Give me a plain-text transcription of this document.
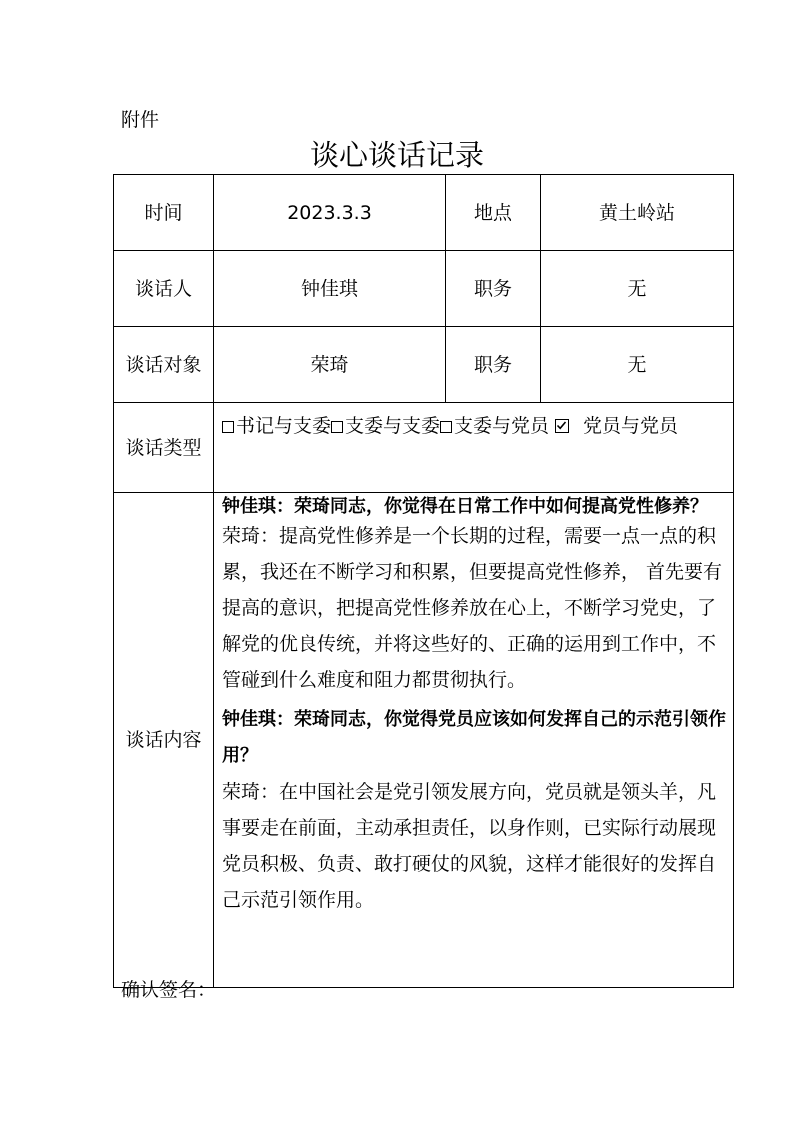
附件
谈心谈话记录
时间	2023.3.3	地点	黄土岭站
谈话人	钟佳琪	职务	无
谈话对象	荣琦	职务	无
谈话类型	书记与支委 支委与支委 支委与党员 党员与党员		
谈话内容	钟佳琪：荣琦同志，你觉得在日常工作中如何提高党性修养？
荣琦：提高党性修养是一个长期的过程，需要一点一点的积累，我还在不断学习和积累，但要提高党性修养， 首先要有提高的意识，把提高党性修养放在心上，不断学习党史，了解党的优良传统，并将这些好的、正确的运用到工作中，不管碰到什么难度和阻力都贯彻执行。
钟佳琪：荣琦同志，你觉得党员应该如何发挥自己的示范引领作用？
荣琦：在中国社会是党引领发展方向，党员就是领头羊，凡事要走在前面，主动承担责任，以身作则，已实际行动展现党员积极、负责、敢打硬仗的风貌，这样才能很好的发挥自己示范引领作用。		
确认签名：
